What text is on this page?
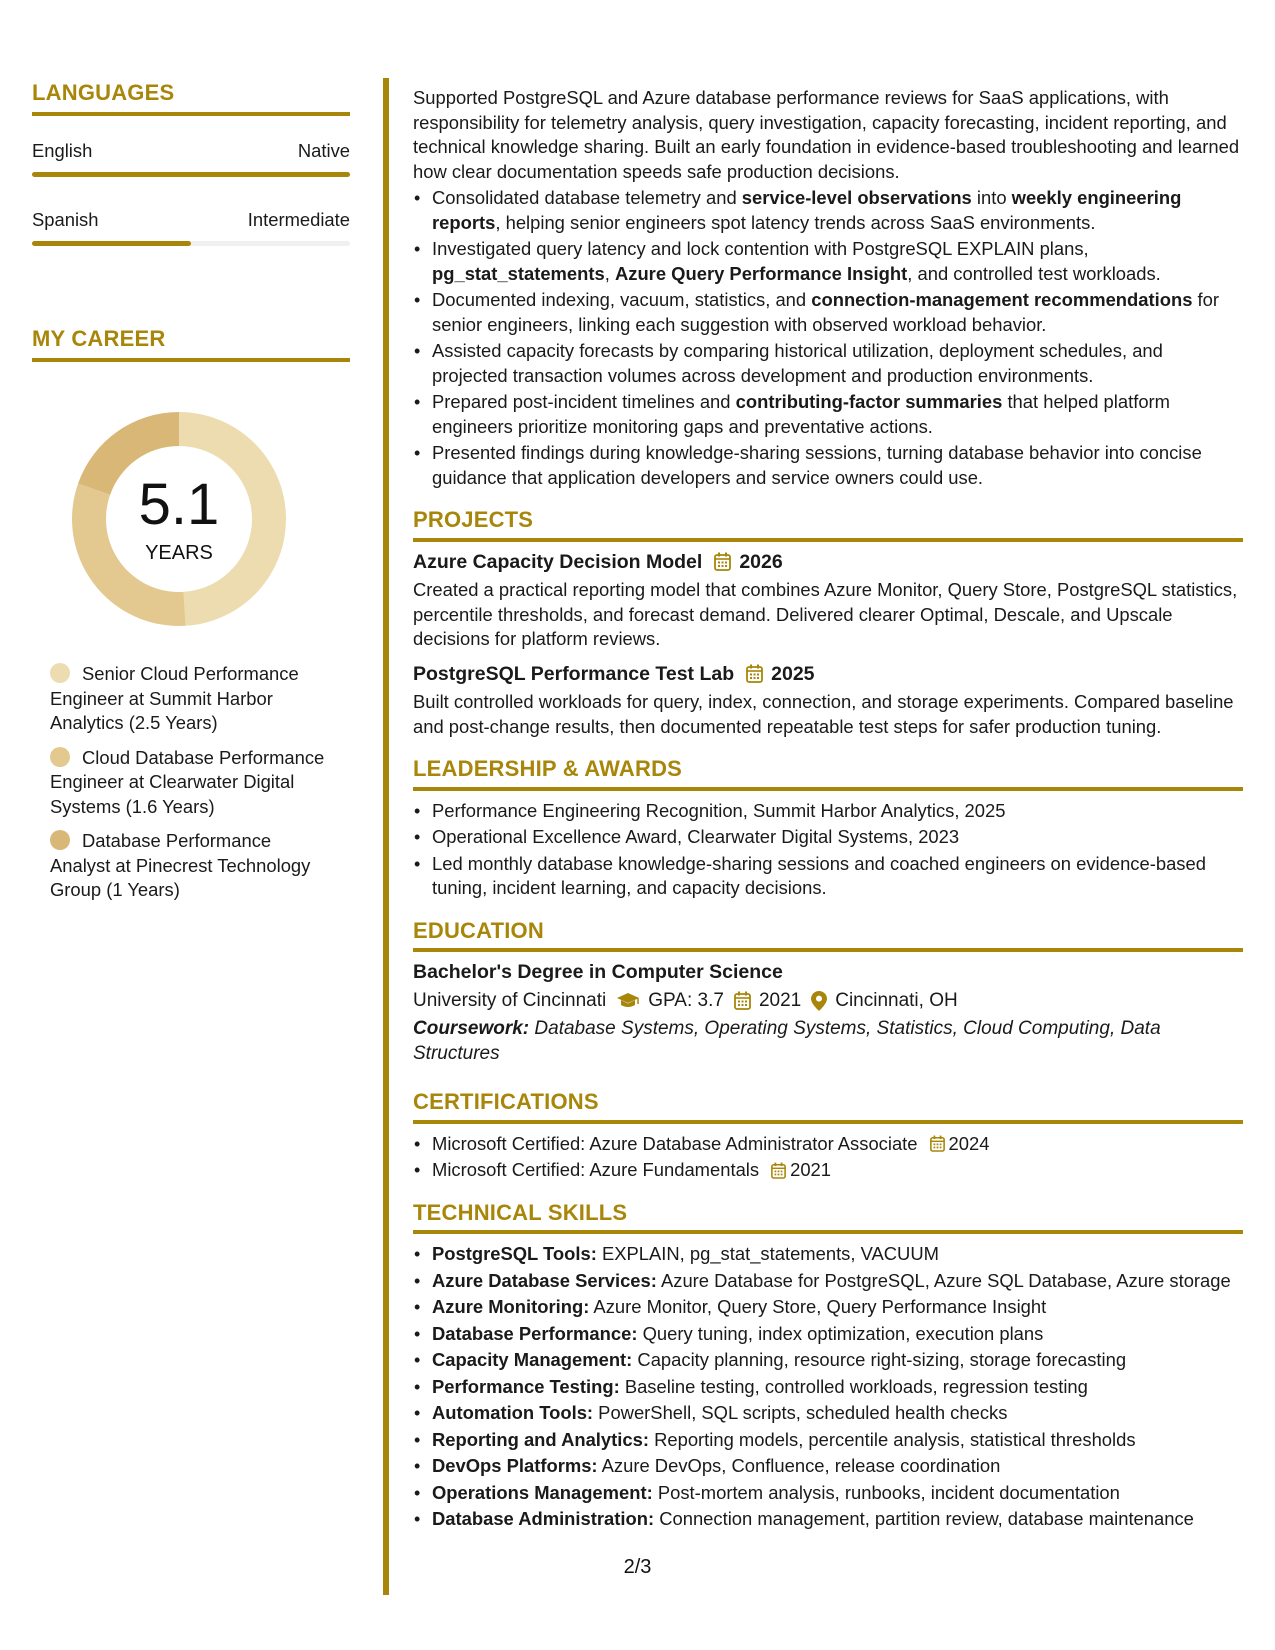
LANGUAGES
English	Native
Spanish	Intermediate
MY CAREER
5.1
YEARS
Senior Cloud Performance Engineer at Summit Harbor Analytics (2.5 Years)
Cloud Database Performance Engineer at Clearwater Digital Systems (1.6 Years)
Database Performance Analyst at Pinecrest Technology Group (1 Years)

Supported PostgreSQL and Azure database performance reviews for SaaS applications, with responsibility for telemetry analysis, query investigation, capacity forecasting, incident reporting, and technical knowledge sharing. Built an early foundation in evidence-based troubleshooting and learned how clear documentation speeds safe production decisions.

• Consolidated database telemetry and service-level observations into weekly engineering reports, helping senior engineers spot latency trends across SaaS environments.
• Investigated query latency and lock contention with PostgreSQL EXPLAIN plans, pg_stat_statements, Azure Query Performance Insight, and controlled test workloads.
• Documented indexing, vacuum, statistics, and connection-management recommendations for senior engineers, linking each suggestion with observed workload behavior.
• Assisted capacity forecasts by comparing historical utilization, deployment schedules, and projected transaction volumes across development and production environments.
• Prepared post-incident timelines and contributing-factor summaries that helped platform engineers prioritize monitoring gaps and preventative actions.
• Presented findings during knowledge-sharing sessions, turning database behavior into concise guidance that application developers and service owners could use.
PROJECTS
Azure Capacity Decision Model 2026

Created a practical reporting model that combines Azure Monitor, Query Store, PostgreSQL statistics, percentile thresholds, and forecast demand. Delivered clearer Optimal, Descale, and Upscale decisions for platform reviews.

PostgreSQL Performance Test Lab 2025

Built controlled workloads for query, index, connection, and storage experiments. Compared baseline and post-change results, then documented repeatable test steps for safer production tuning.

LEADERSHIP & AWARDS
• Performance Engineering Recognition, Summit Harbor Analytics, 2025
• Operational Excellence Award, Clearwater Digital Systems, 2023
• Led monthly database knowledge-sharing sessions and coached engineers on evidence-based tuning, incident learning, and capacity decisions.
EDUCATION
Bachelor's Degree in Computer Science
University of Cincinnati GPA: 3.7 2021 Cincinnati, OH

Coursework: Database Systems, Operating Systems, Statistics, Cloud Computing, Data Structures

CERTIFICATIONS
• Microsoft Certified: Azure Database Administrator Associate 2024
• Microsoft Certified: Azure Fundamentals 2021
TECHNICAL SKILLS
• PostgreSQL Tools: EXPLAIN, pg_stat_statements, VACUUM
• Azure Database Services: Azure Database for PostgreSQL, Azure SQL Database, Azure storage
• Azure Monitoring: Azure Monitor, Query Store, Query Performance Insight
• Database Performance: Query tuning, index optimization, execution plans
• Capacity Management: Capacity planning, resource right-sizing, storage forecasting
• Performance Testing: Baseline testing, controlled workloads, regression testing
• Automation Tools: PowerShell, SQL scripts, scheduled health checks
• Reporting and Analytics: Reporting models, percentile analysis, statistical thresholds
• DevOps Platforms: Azure DevOps, Confluence, release coordination
• Operations Management: Post-mortem analysis, runbooks, incident documentation
• Database Administration: Connection management, partition review, database maintenance
2/3
